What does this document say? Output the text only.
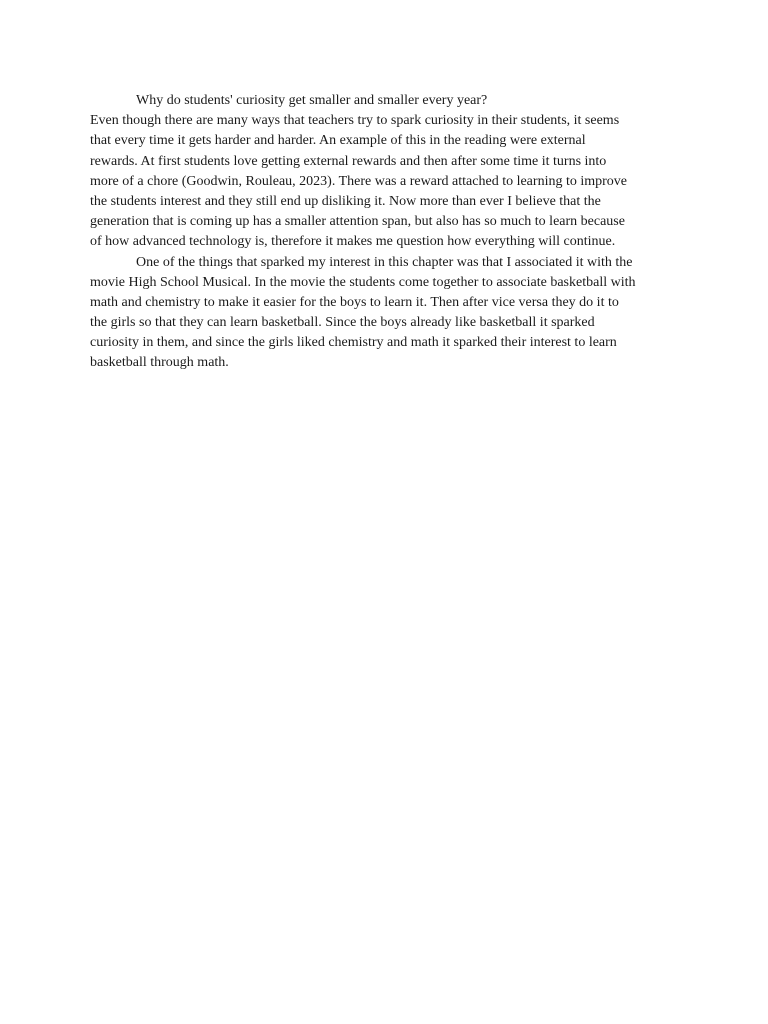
Why do students' curiosity get smaller and smaller every year?
Even though there are many ways that teachers try to spark curiosity in their students, it seems
that every time it gets harder and harder. An example of this in the reading were external
rewards. At first students love getting external rewards and then after some time it turns into
more of a chore (Goodwin, Rouleau, 2023). There was a reward attached to learning to improve
the students interest and they still end up disliking it. Now more than ever I believe that the
generation that is coming up has a smaller attention span, but also has so much to learn because
of how advanced technology is, therefore it makes me question how everything will continue.
One of the things that sparked my interest in this chapter was that I associated it with the
movie High School Musical. In the movie the students come together to associate basketball with
math and chemistry to make it easier for the boys to learn it. Then after vice versa they do it to
the girls so that they can learn basketball. Since the boys already like basketball it sparked
curiosity in them, and since the girls liked chemistry and math it sparked their interest to learn
basketball through math.
